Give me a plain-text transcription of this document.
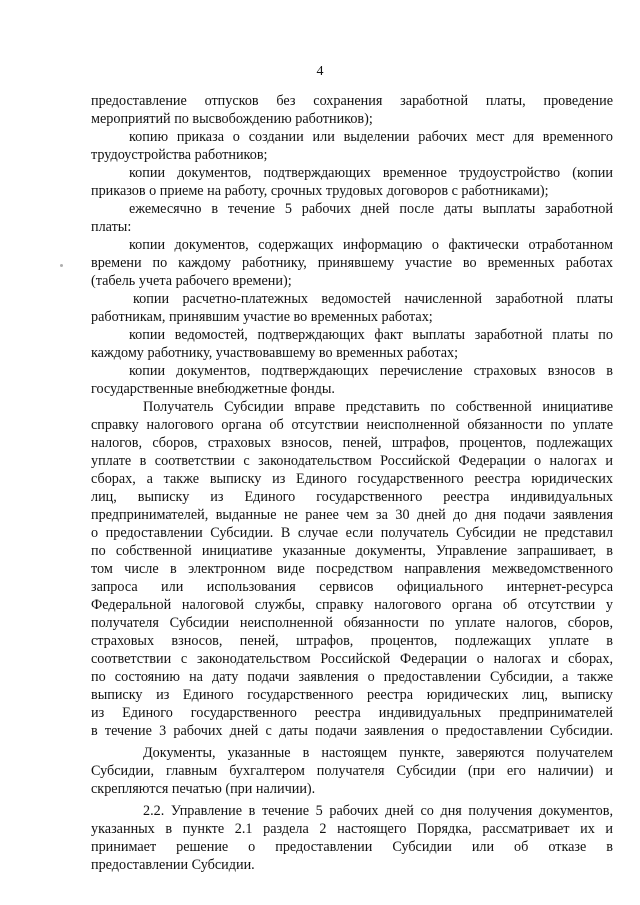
4
предоставление отпусков без сохранения заработной платы, проведение
мероприятий по высвобождению работников);
копию приказа о создании или выделении рабочих мест для временного
трудоустройства работников;
копии документов, подтверждающих временное трудоустройство (копии
приказов о приеме на работу, срочных трудовых договоров с работниками);
ежемесячно в течение 5 рабочих дней после даты выплаты заработной
платы:
копии документов, содержащих информацию о фактически отработанном
времени по каждому работнику, принявшему участие во временных работах
(табель учета рабочего времени);
копии расчетно-платежных ведомостей начисленной заработной платы
работникам, принявшим участие во временных работах;
копии ведомостей, подтверждающих факт выплаты заработной платы по
каждому работнику, участвовавшему во временных работах;
копии документов, подтверждающих перечисление страховых взносов в
государственные внебюджетные фонды.
Получатель Субсидии вправе представить по собственной инициативе
справку налогового органа об отсутствии неисполненной обязанности по уплате
налогов, сборов, страховых взносов, пеней, штрафов, процентов, подлежащих
уплате в соответствии с законодательством Российской Федерации о налогах и
сборах, а также выписку из Единого государственного реестра юридических
лиц, выписку из Единого государственного реестра индивидуальных
предпринимателей, выданные не ранее чем за 30 дней до дня подачи заявления
о предоставлении Субсидии. В случае если получатель Субсидии не представил
по собственной инициативе указанные документы, Управление запрашивает, в
том числе в электронном виде посредством направления межведомственного
запроса или использования сервисов официального интернет-ресурса
Федеральной налоговой службы, справку налогового органа об отсутствии у
получателя Субсидии неисполненной обязанности по уплате налогов, сборов,
страховых взносов, пеней, штрафов, процентов, подлежащих уплате в
соответствии с законодательством Российской Федерации о налогах и сборах,
по состоянию на дату подачи заявления о предоставлении Субсидии, а также
выписку из Единого государственного реестра юридических лиц, выписку
из Единого государственного реестра индивидуальных предпринимателей
в течение 3 рабочих дней с даты подачи заявления о предоставлении Субсидии.
Документы, указанные в настоящем пункте, заверяются получателем
Субсидии, главным бухгалтером получателя Субсидии (при его наличии) и
скрепляются печатью (при наличии).
2.2. Управление в течение 5 рабочих дней со дня получения документов,
указанных в пункте 2.1 раздела 2 настоящего Порядка, рассматривает их и
принимает решение о предоставлении Субсидии или об отказе в
предоставлении Субсидии.
